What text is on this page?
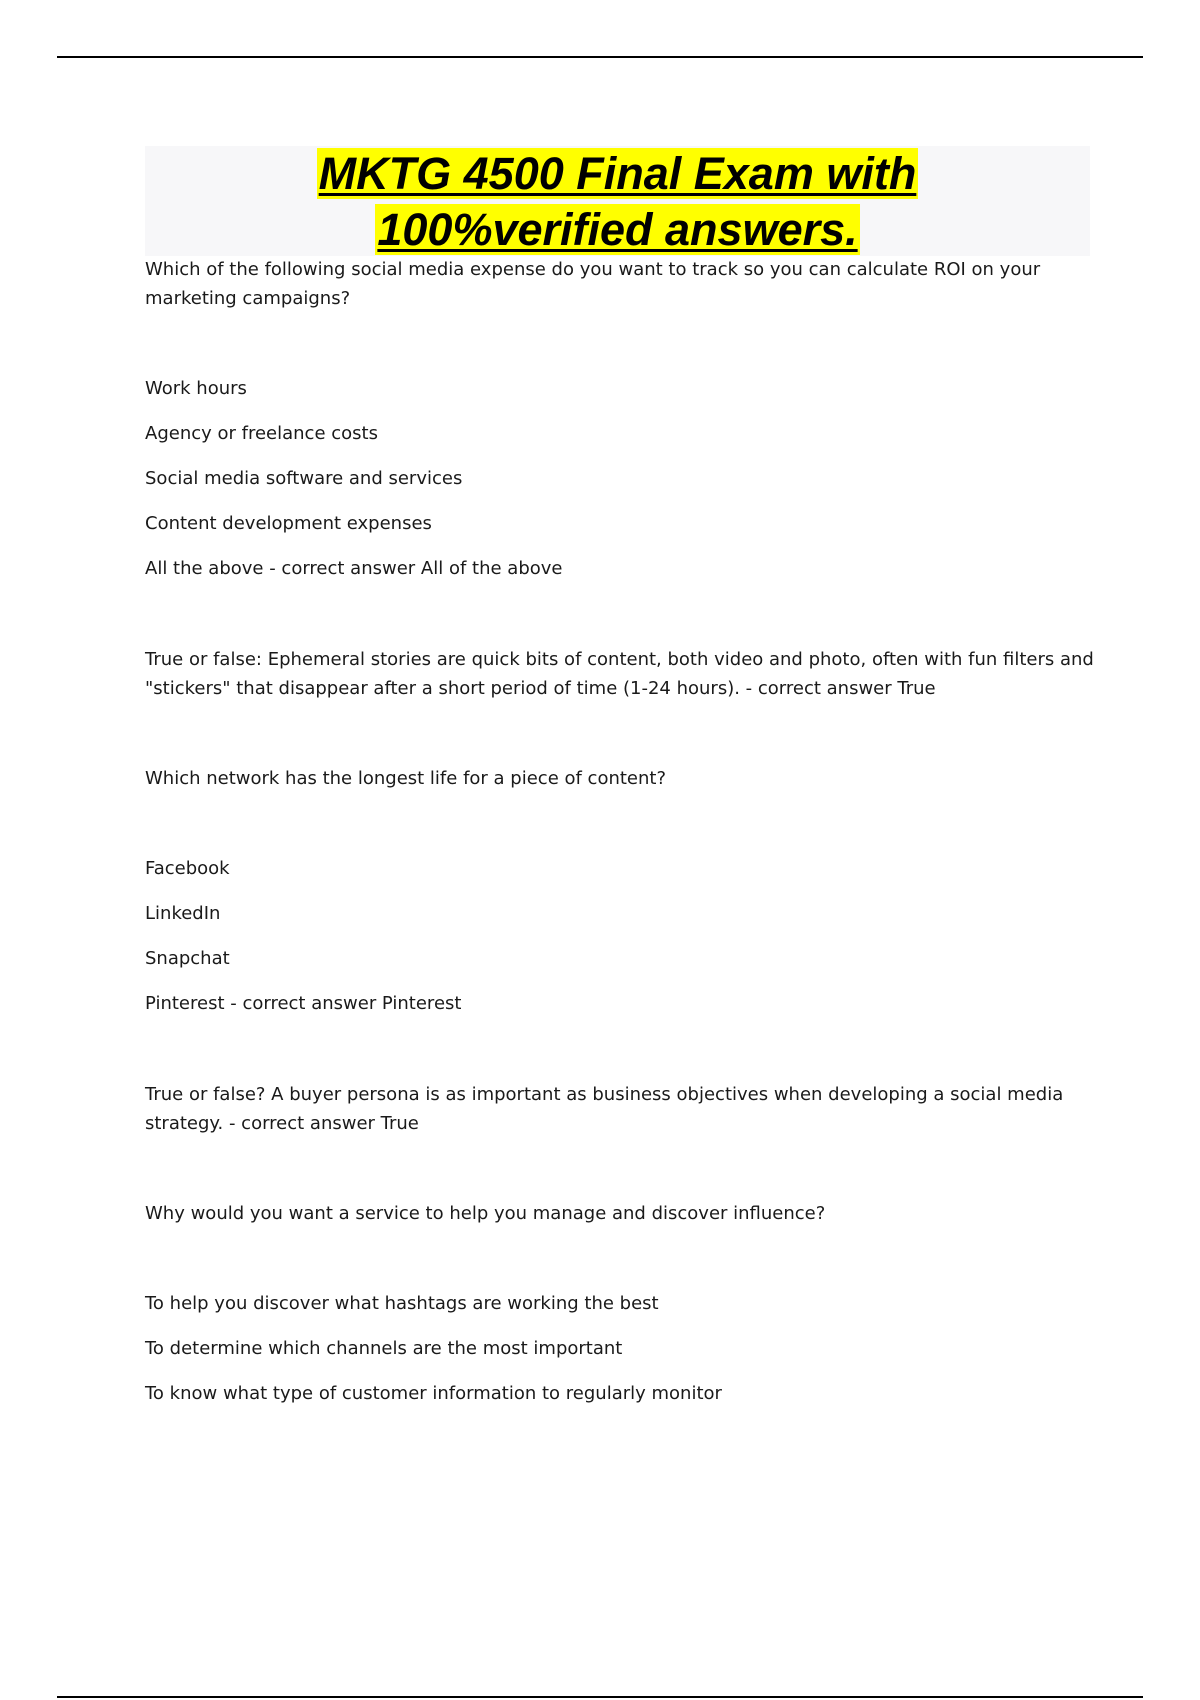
MKTG 4500 Final Exam with
100%verified answers.

Which of the following social media expense do you want to track so you can calculate ROI on your marketing campaigns?

Work hours

Agency or freelance costs

Social media software and services

Content development expenses

All the above - correct answer All of the above

True or false: Ephemeral stories are quick bits of content, both video and photo, often with fun filters and "stickers" that disappear after a short period of time (1-24 hours). - correct answer True

Which network has the longest life for a piece of content?

Facebook

LinkedIn

Snapchat

Pinterest - correct answer Pinterest

True or false? A buyer persona is as important as business objectives when developing a social media strategy. - correct answer True

Why would you want a service to help you manage and discover influence?

To help you discover what hashtags are working the best

To determine which channels are the most important

To know what type of customer information to regularly monitor
